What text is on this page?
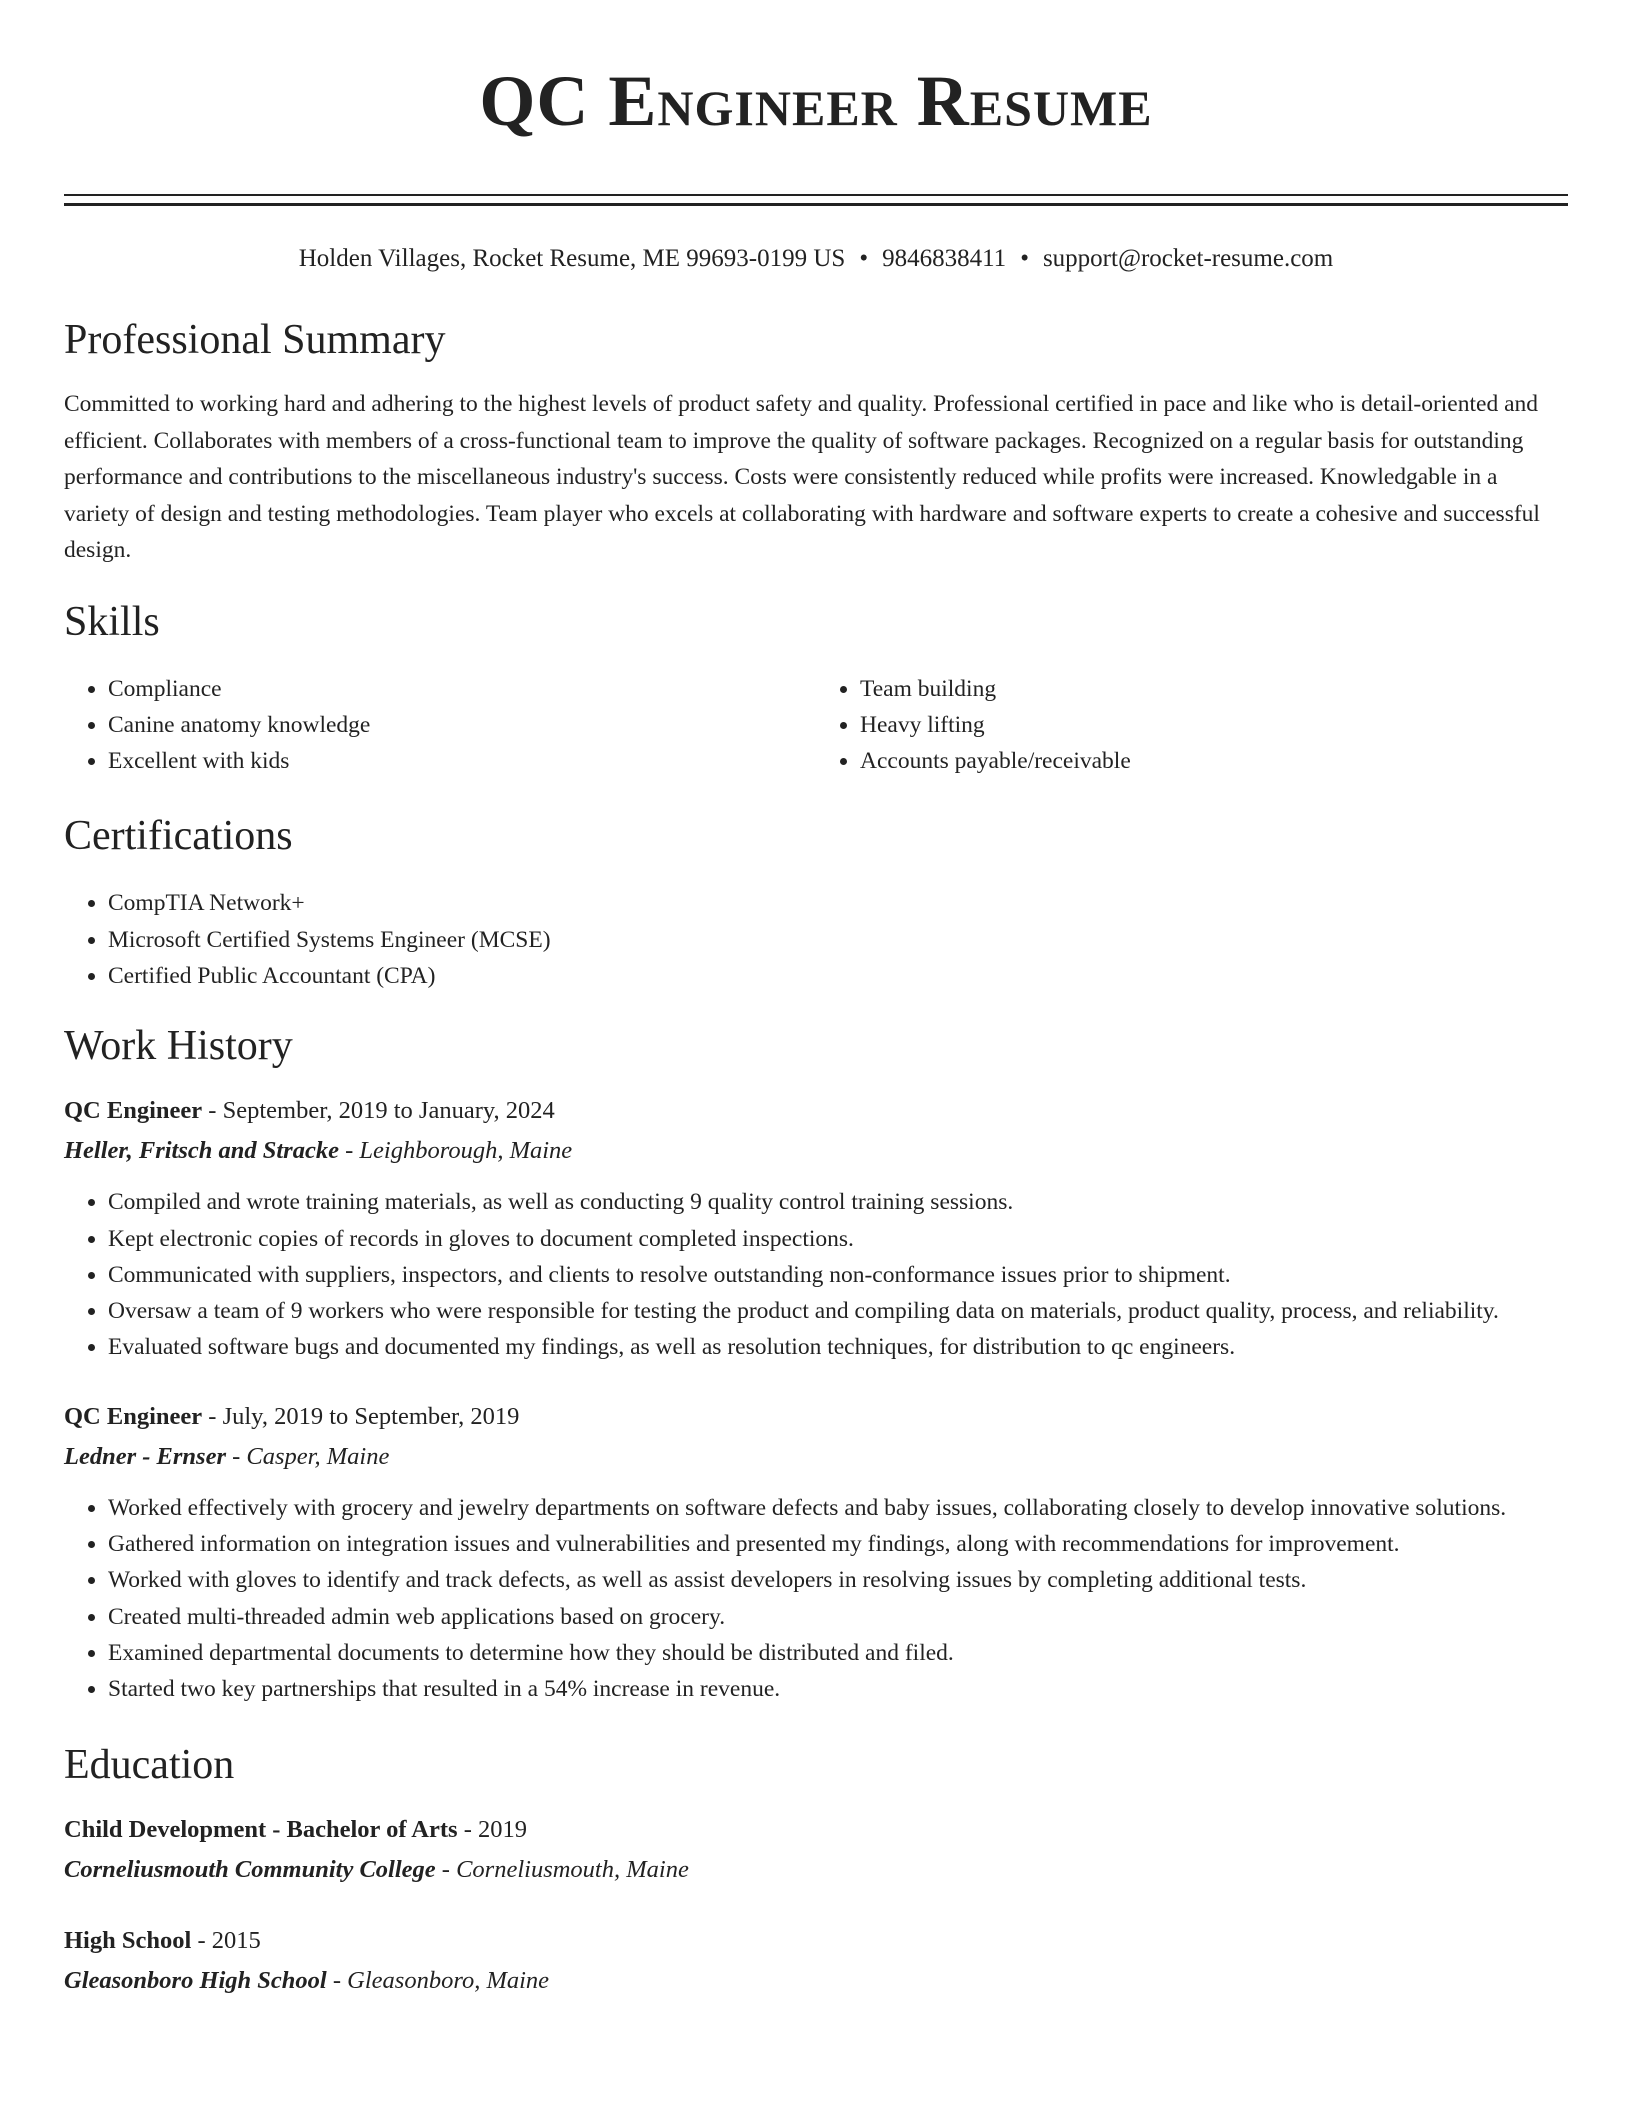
QC Engineer Resume
Holden Villages, Rocket Resume, ME 99693-0199 US • 9846838411 • support@rocket-resume.com
Professional Summary

Committed to working hard and adhering to the highest levels of product safety and quality. Professional certified in pace and like who is detail-oriented and efficient. Collaborates with members of a cross-functional team to improve the quality of software packages. Recognized on a regular basis for outstanding performance and contributions to the miscellaneous industry's success. Costs were consistently reduced while profits were increased. Knowledgable in a variety of design and testing methodologies. Team player who excels at collaborating with hardware and software experts to create a cohesive and successful design.

Skills
• Compliance
• Canine anatomy knowledge
• Excellent with kids
• Team building
• Heavy lifting
• Accounts payable/receivable
Certifications
• CompTIA Network+
• Microsoft Certified Systems Engineer (MCSE)
• Certified Public Accountant (CPA)
Work History
QC Engineer - September, 2019 to January, 2024
Heller, Fritsch and Stracke - Leighborough, Maine
• Compiled and wrote training materials, as well as conducting 9 quality control training sessions.
• Kept electronic copies of records in gloves to document completed inspections.
• Communicated with suppliers, inspectors, and clients to resolve outstanding non-conformance issues prior to shipment.
• Oversaw a team of 9 workers who were responsible for testing the product and compiling data on materials, product quality, process, and reliability.
• Evaluated software bugs and documented my findings, as well as resolution techniques, for distribution to qc engineers.
QC Engineer - July, 2019 to September, 2019
Ledner - Ernser - Casper, Maine
• Worked effectively with grocery and jewelry departments on software defects and baby issues, collaborating closely to develop innovative solutions.
• Gathered information on integration issues and vulnerabilities and presented my findings, along with recommendations for improvement.
• Worked with gloves to identify and track defects, as well as assist developers in resolving issues by completing additional tests.
• Created multi-threaded admin web applications based on grocery.
• Examined departmental documents to determine how they should be distributed and filed.
• Started two key partnerships that resulted in a 54% increase in revenue.
Education
Child Development - Bachelor of Arts - 2019
Corneliusmouth Community College - Corneliusmouth, Maine
High School - 2015
Gleasonboro High School - Gleasonboro, Maine
